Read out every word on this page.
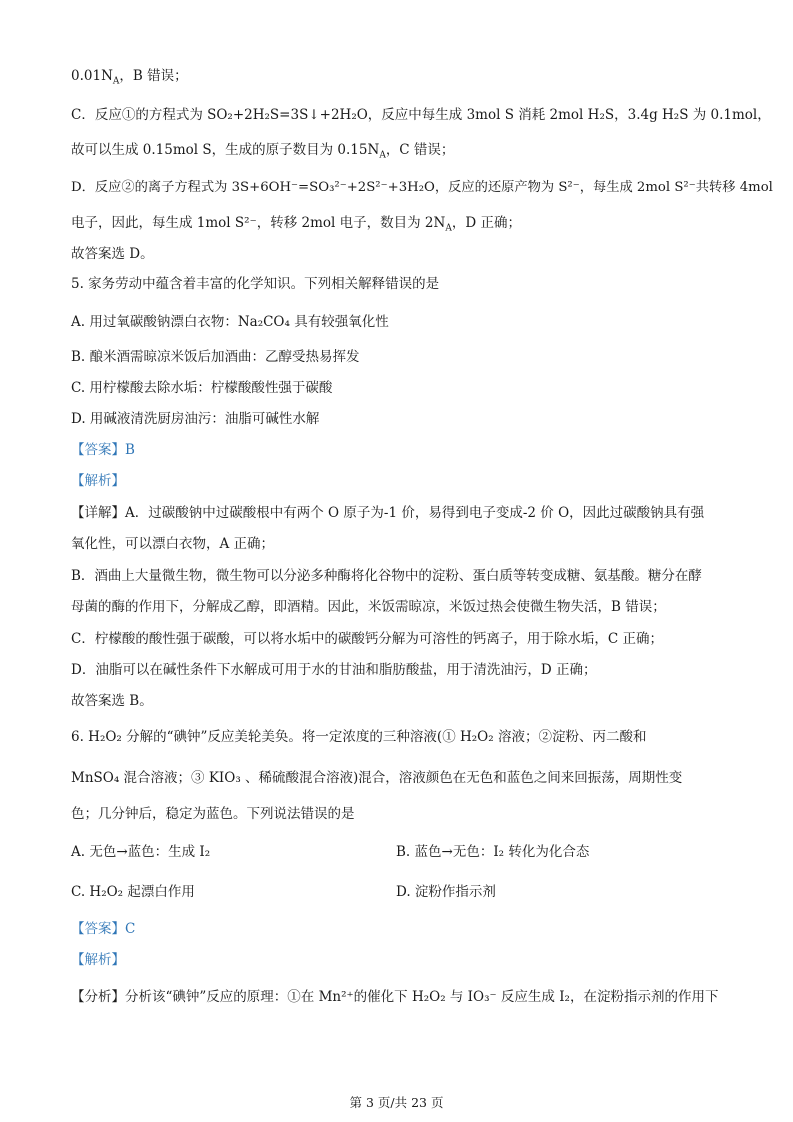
$0.01N_A$，B 错误；
C．反应①的方程式为 SO₂+2H₂S=3S↓+2H₂O，反应中每生成 3mol S 消耗 2mol H₂S，3.4g H₂S 为 0.1mol，
故可以生成 0.15mol S，生成的原子数目为 $0.15N_A$，C 错误；
D．反应②的离子方程式为 3S+6OH⁻=SO₃²⁻+2S²⁻+3H₂O，反应的还原产物为 S²⁻，每生成 2mol S²⁻共转移 4mol
电子，因此，每生成 1mol S²⁻，转移 2mol 电子，数目为 $2N_A$，D 正确；
故答案选 D。
5. 家务劳动中蕴含着丰富的化学知识。下列相关解释错误的是
A. 用过氧碳酸钠漂白衣物：Na₂CO₄ 具有较强氧化性
B. 酿米酒需晾凉米饭后加酒曲：乙醇受热易挥发
C. 用柠檬酸去除水垢：柠檬酸酸性强于碳酸
D. 用碱液清洗厨房油污：油脂可碱性水解
【答案】B
【解析】
【详解】A．过碳酸钠中过碳酸根中有两个 O 原子为-1 价，易得到电子变成-2 价 O，因此过碳酸钠具有强
氧化性，可以漂白衣物，A 正确；
B．酒曲上大量微生物，微生物可以分泌多种酶将化谷物中的淀粉、蛋白质等转变成糖、氨基酸。糖分在酵
母菌的酶的作用下，分解成乙醇，即酒精。因此，米饭需晾凉，米饭过热会使微生物失活，B 错误；
C．柠檬酸的酸性强于碳酸，可以将水垢中的碳酸钙分解为可溶性的钙离子，用于除水垢，C 正确；
D．油脂可以在碱性条件下水解成可用于水的甘油和脂肪酸盐，用于清洗油污，D 正确；
故答案选 B。
6. H₂O₂ 分解的“碘钟”反应美轮美奂。将一定浓度的三种溶液(① H₂O₂ 溶液；②淀粉、丙二酸和
MnSO₄ 混合溶液；③ KIO₃ 、稀硫酸混合溶液)混合，溶液颜色在无色和蓝色之间来回振荡，周期性变
色；几分钟后，稳定为蓝色。下列说法错误的是
A. 无色→蓝色：生成 I₂	B. 蓝色→无色：I₂ 转化为化合态
C. H₂O₂ 起漂白作用	D. 淀粉作指示剂
【答案】C
【解析】
【分析】分析该“碘钟”反应的原理：①在 Mn²⁺的催化下 H₂O₂ 与 IO₃⁻ 反应生成 I₂，在淀粉指示剂的作用下
第 3 页/共 23 页
